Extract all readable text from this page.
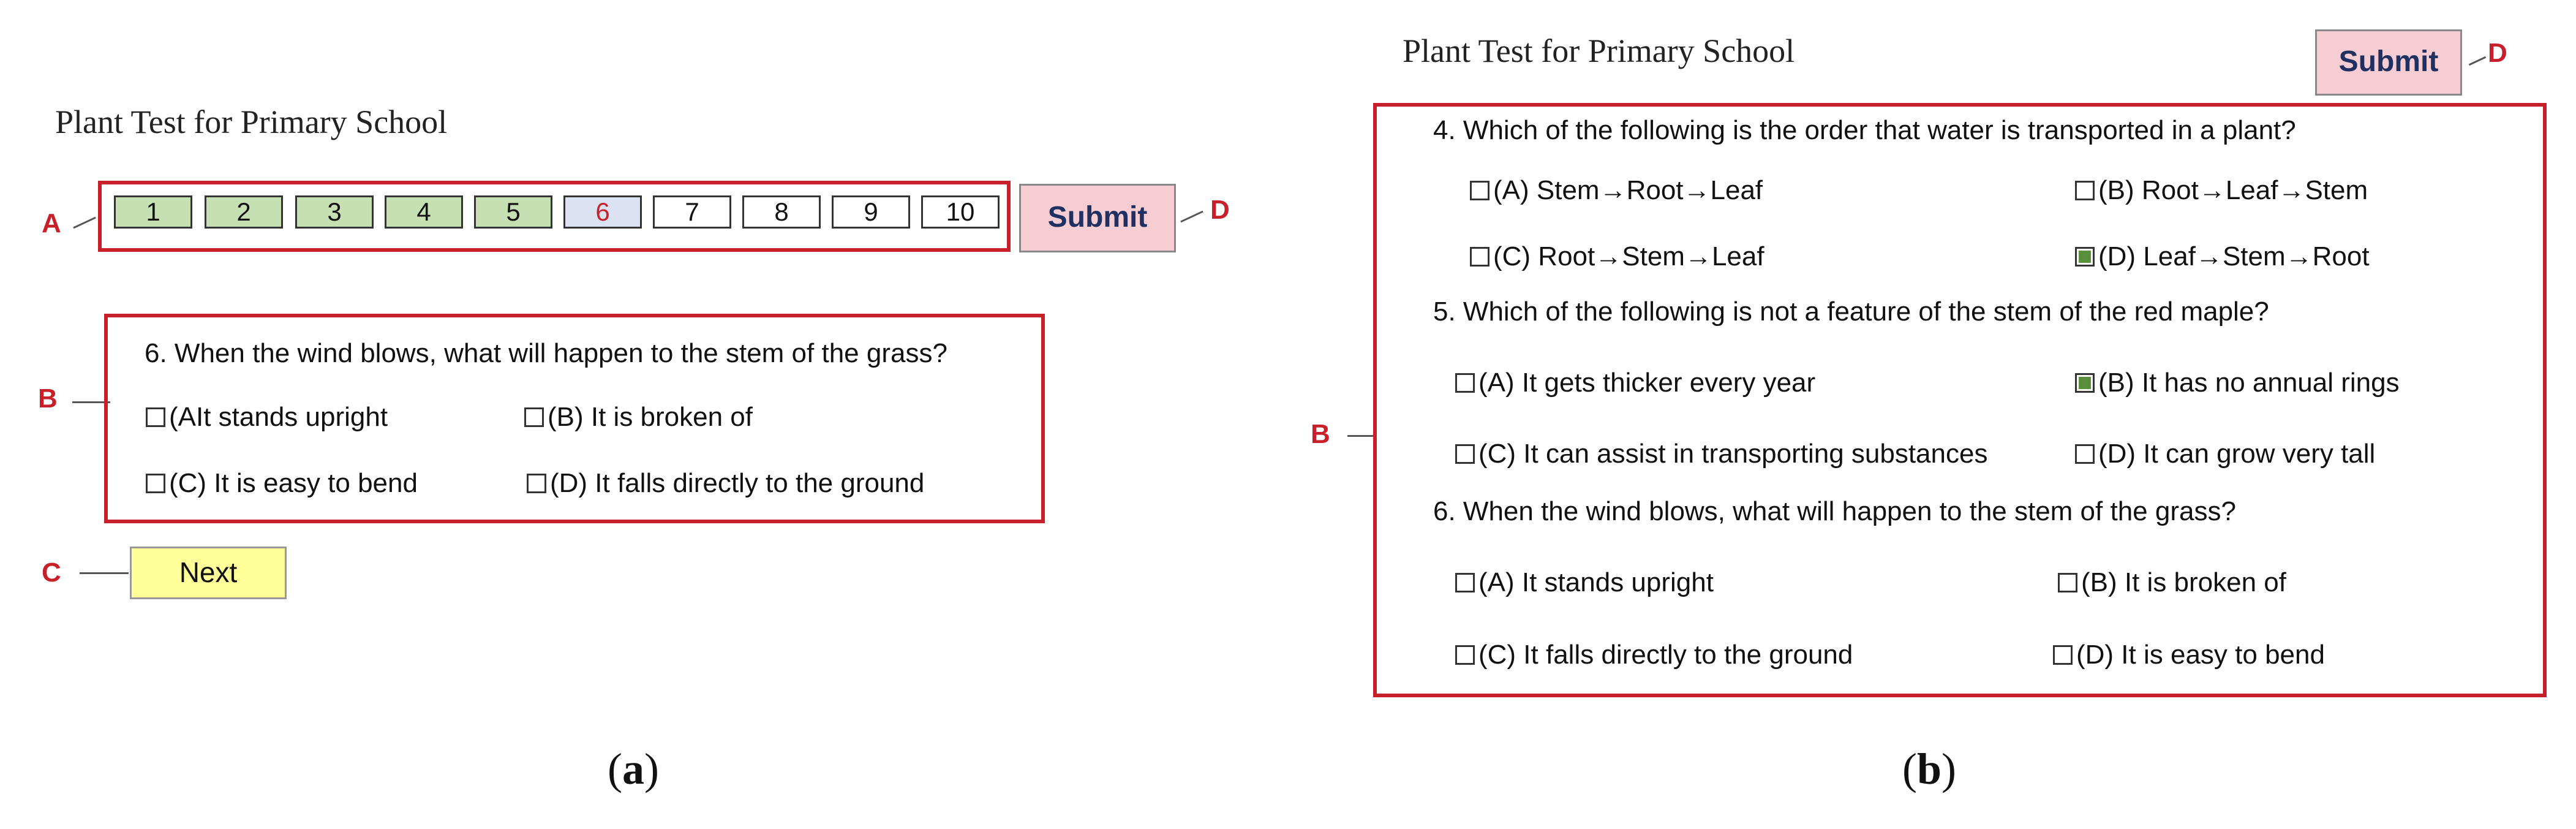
Plant Test for Primary School
A	1	2	3	4	5	6	7	8	9	10	Submit	D
B
6. When the wind blows, what will happen to the stem of the grass?
(AIt stands upright	(B) It is broken of
(C) It is easy to bend	(D) It falls directly to the ground
C	Next
(a)
Plant Test for Primary School	Submit	D
B
4. Which of the following is the order that water is transported in a plant?
(A) Stem→Root→Leaf	(B) Root→Leaf→Stem
(C) Root→Stem→Leaf	(D) Leaf→Stem→Root
5. Which of the following is not a feature of the stem of the red maple?
(A) It gets thicker every year	(B) It has no annual rings
(C) It can assist in transporting substances	(D) It can grow very tall
6. When the wind blows, what will happen to the stem of the grass?
(A) It stands upright	(B) It is broken of
(C) It falls directly to the ground	(D) It is easy to bend
(b)
